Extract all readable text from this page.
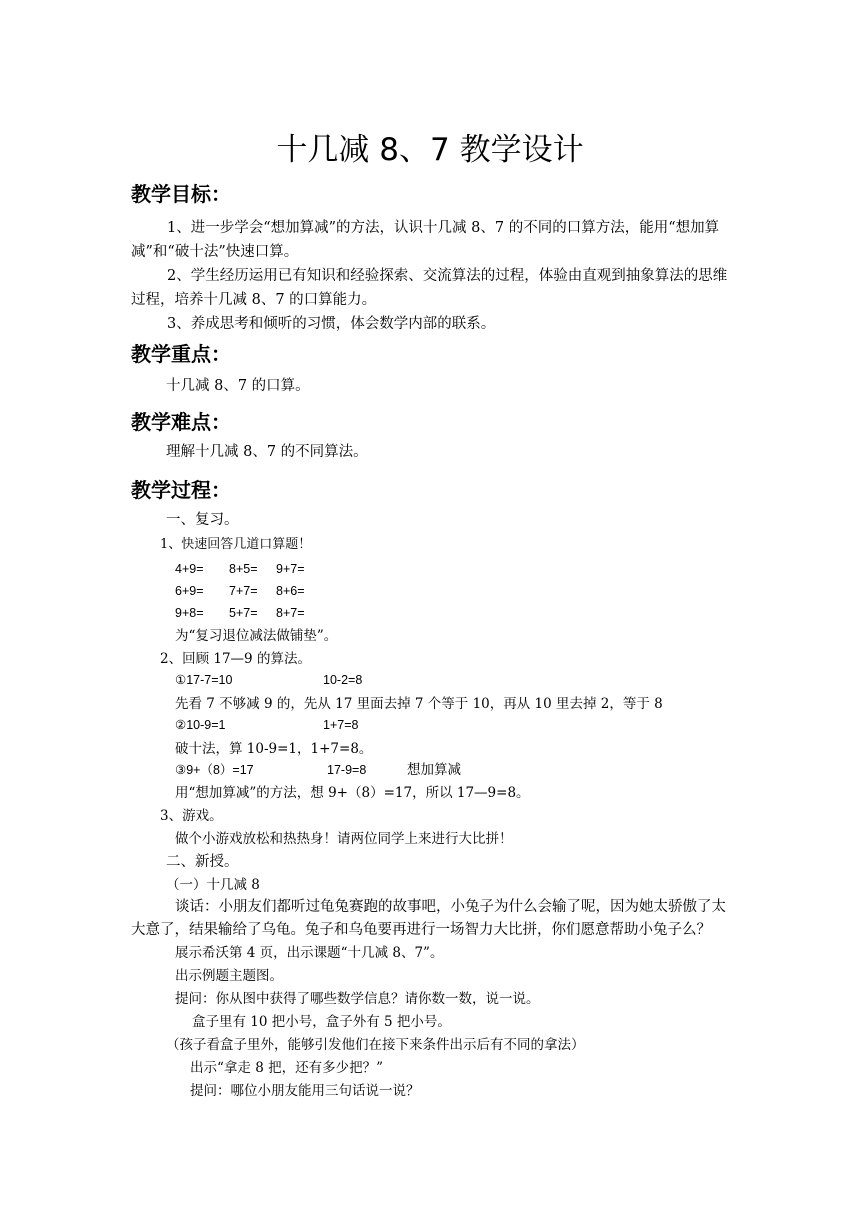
十几减 8、7 教学设计
教学目标：
1、进一步学会“想加算减”的方法，认识十几减 8、7 的不同的口算方法，能用“想加算减”和“破十法”快速口算。
2、学生经历运用已有知识和经验探索、交流算法的过程，体验由直观到抽象算法的思维过程，培养十几减 8、7 的口算能力。
3、养成思考和倾听的习惯，体会数学内部的联系。
教学重点：
十几减 8、7 的口算。
教学难点：
理解十几减 8、7 的不同算法。
教学过程：
一、复习。
1、快速回答几道口算题！
4+9= 8+5= 9+7=
6+9= 7+7= 8+6=
9+8= 5+7= 8+7=
为“复习退位减法做铺垫”。
2、回顾 17—9 的算法。
①17-7=10	10-2=8
先看 7 不够减 9 的，先从 17 里面去掉 7 个等于 10，再从 10 里去掉 2，等于 8
②10-9=1	1+7=8
破十法，算 10-9=1，1+7=8。
③9+（8）=17	17-9=8	想加算减
用“想加算减”的方法，想 9+（8）=17，所以 17—9=8。
3、游戏。
做个小游戏放松和热热身！请两位同学上来进行大比拼！
二、新授。
（一）十几减 8
谈话：小朋友们都听过龟兔赛跑的故事吧，小兔子为什么会输了呢，因为她太骄傲了太大意了，结果输给了乌龟。兔子和乌龟要再进行一场智力大比拼，你们愿意帮助小兔子么？
展示希沃第 4 页，出示课题“十几减 8、7”。
出示例题主题图。
提问：你从图中获得了哪些数学信息？请你数一数，说一说。
盒子里有 10 把小号，盒子外有 5 把小号。
（孩子看盒子里外，能够引发他们在接下来条件出示后有不同的拿法）
出示“拿走 8 把，还有多少把？”
提问：哪位小朋友能用三句话说一说？
